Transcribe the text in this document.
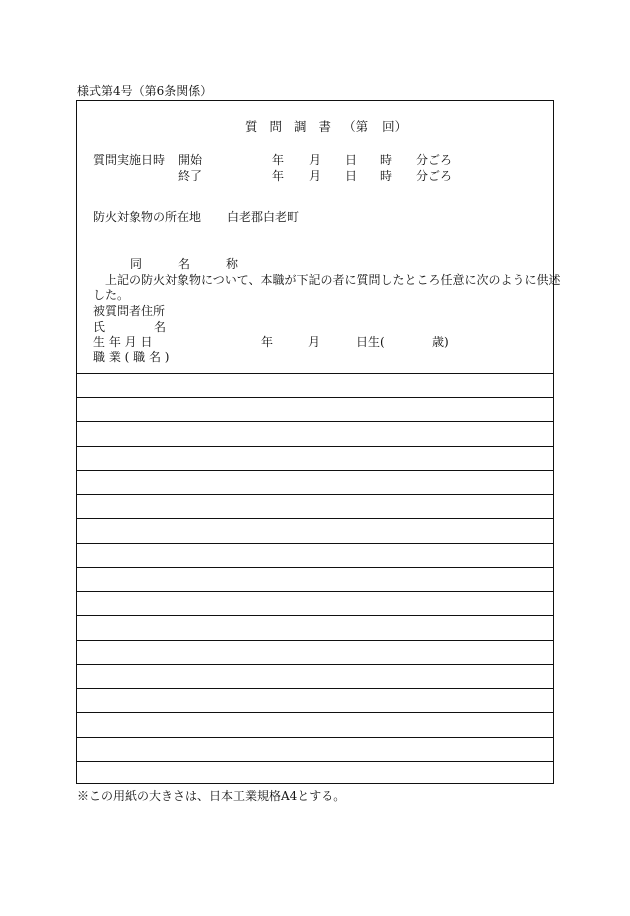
様式第4号（第6条関係）
質 問 調 書 （第 回）
質問実施日時 開始	年 月 日 時 分ごろ
終了	年 月 日 時 分ごろ
防火対象物の所在地 白老郡白老町
同	名	称
上記の防火対象物について、本職が下記の者に質問したところ任意に次のように供述
した。
被質問者住所
氏	名
生 年 月 日	年	月	日生(	歳)
職 業 ( 職 名 )
※この用紙の大きさは、日本工業規格A4とする。
